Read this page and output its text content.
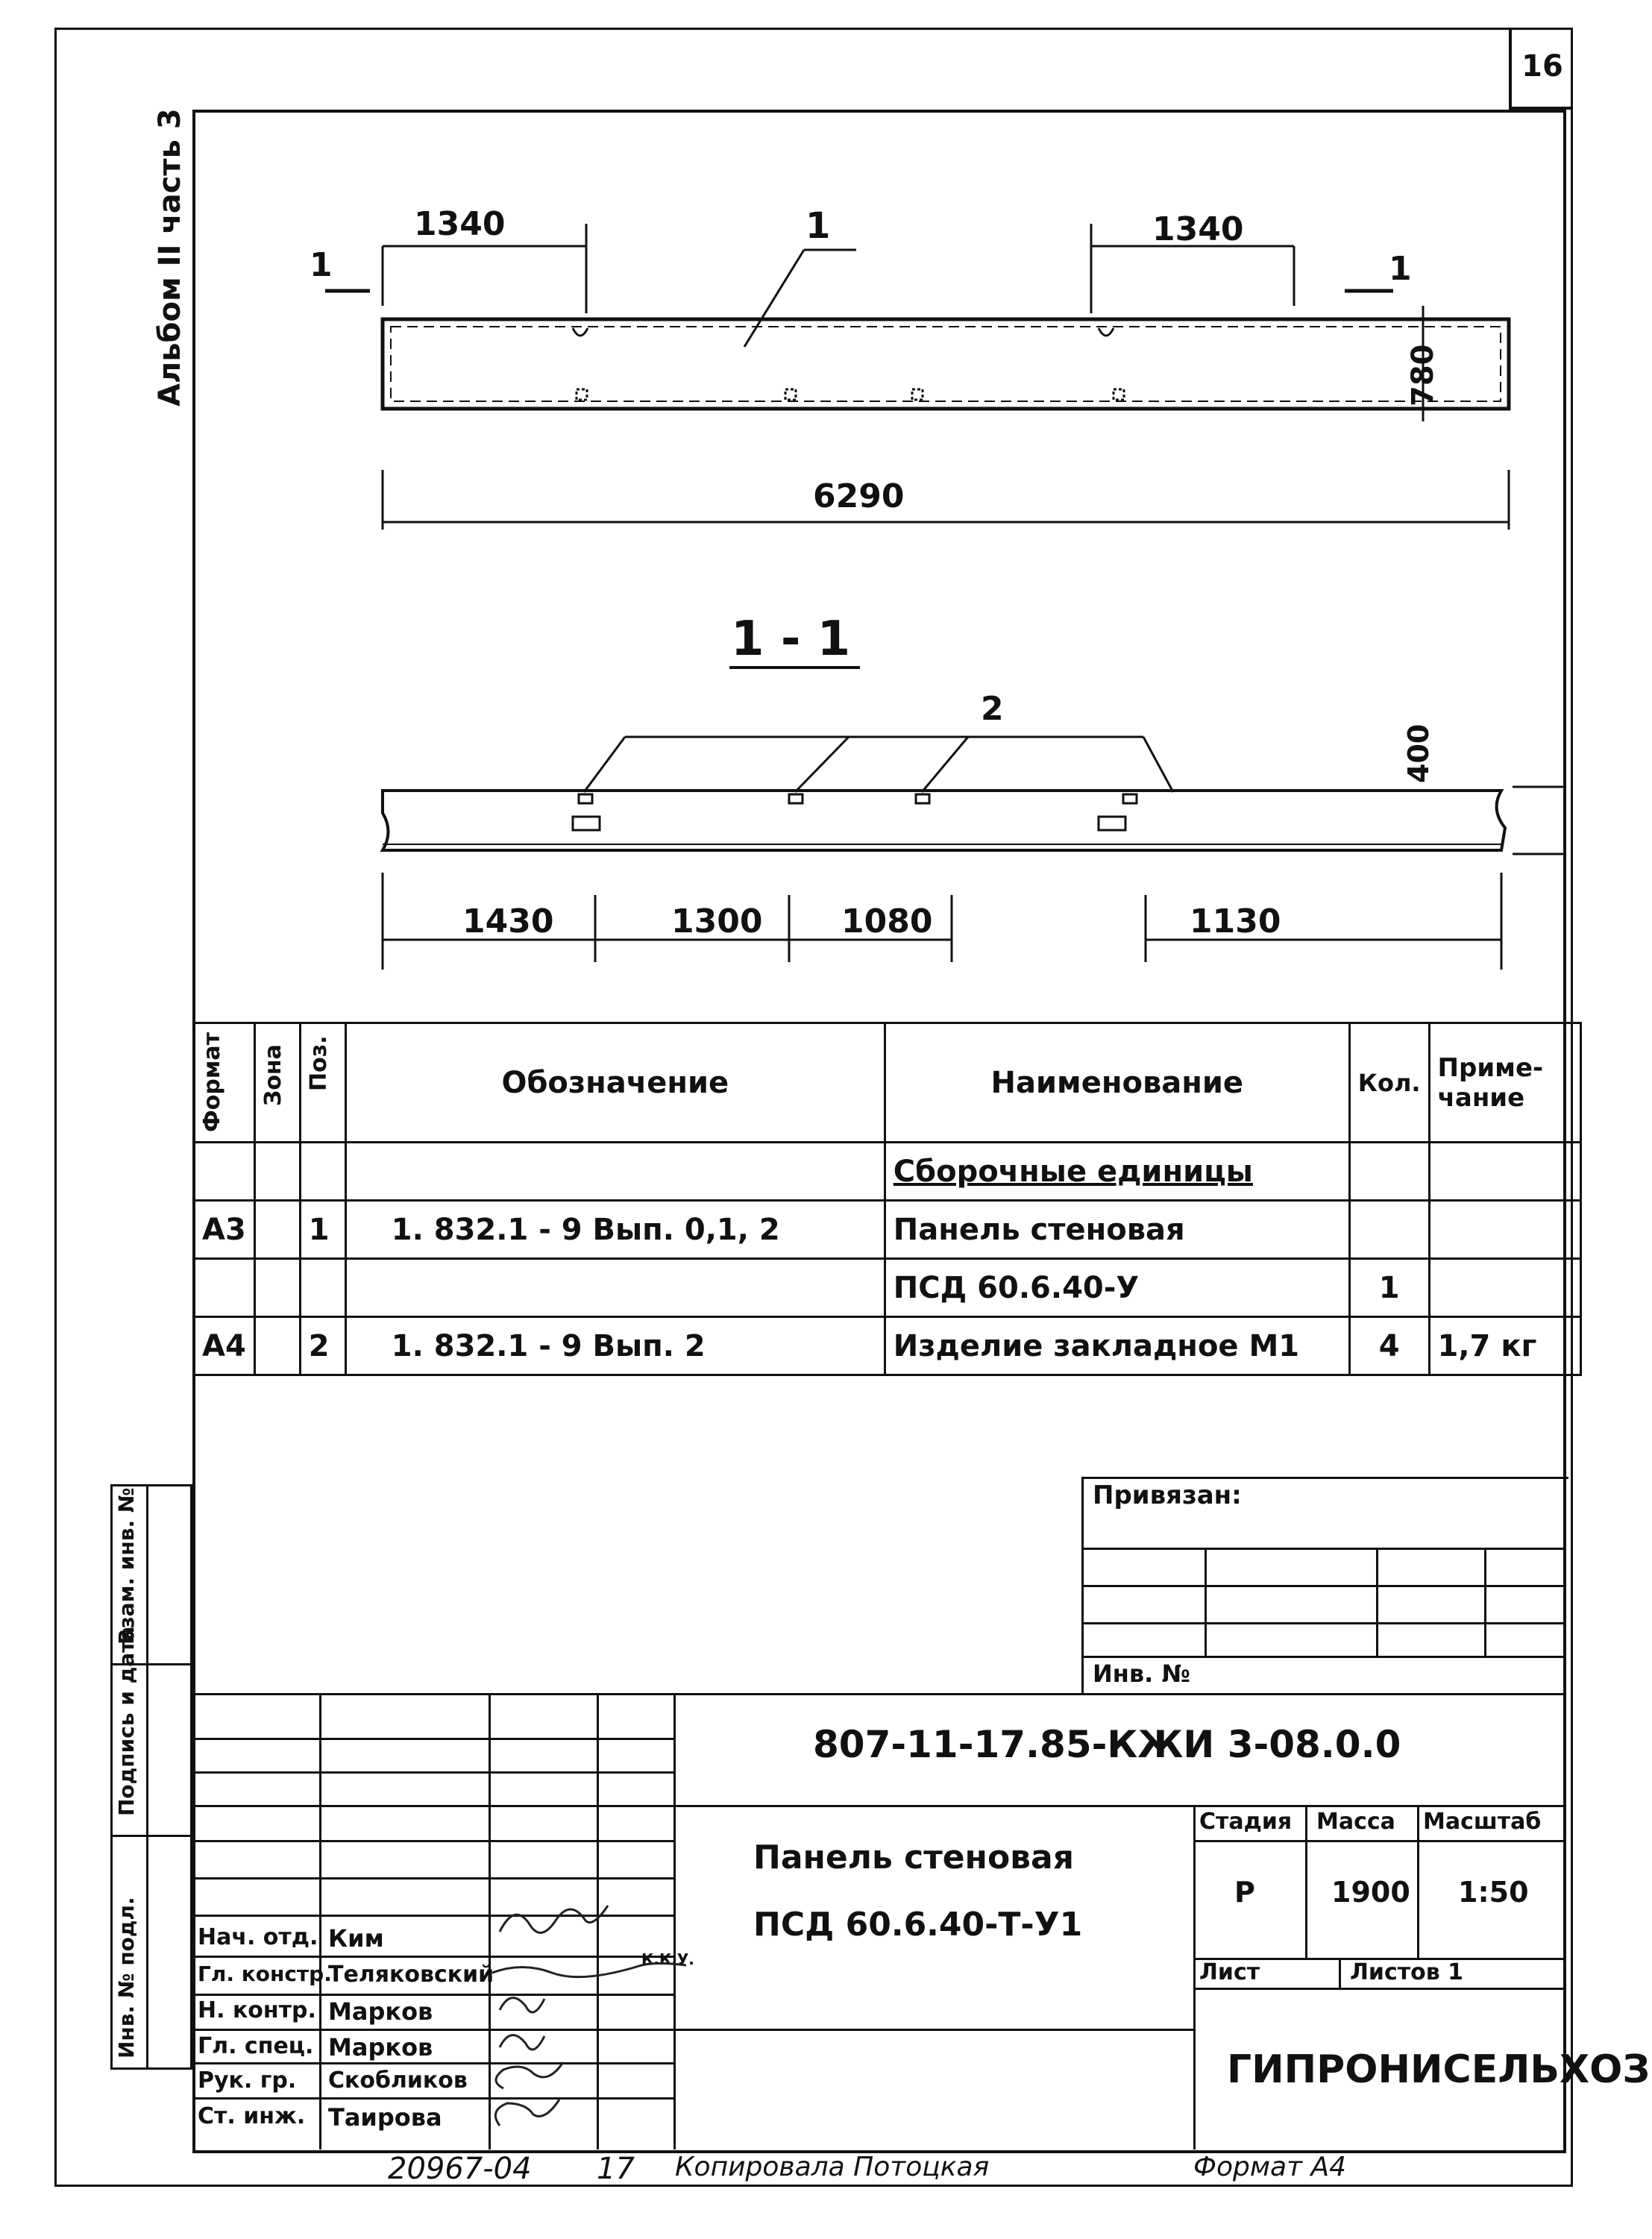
16
Альбом II часть 3	1340	1340
1
1	1
780
6290
1 - 1
2
400
1430	1300 1080	1130
Формат	Зона	Поз.	Обозначение	Наименование	Кол.	Приме-чание
				Сборочные единицы		
А3		1	1. 832.1 - 9 Вып. 0,1, 2	Панель стеновая		
				ПСД 60.6.40-У	1	
А4		2	1. 832.1 - 9 Вып. 2	Изделие закладное М1	4	1,7 кг
Привязан:
Инв. №
Взам. инв. №
Подпись и дата
Инв. № подл.	Нач. отд. Ким
Гл. констр.
Теляковский
К.К.У.
Н. контр. Марков
Гл. спец. Марков
Рук. гр. Скобликов
Ст. инж. Таирова
807-11-17.85-КЖИ 3-08.0.0
Панель стеновая
ПСД 60.6.40-Т-У1
Стадия Масса Масштаб
Р	1900 1:50
Лист	Листов 1
ГИПРОНИСЕЛЬХОЗ
20967-04 17 Копировала Потоцкая	Формат А4
